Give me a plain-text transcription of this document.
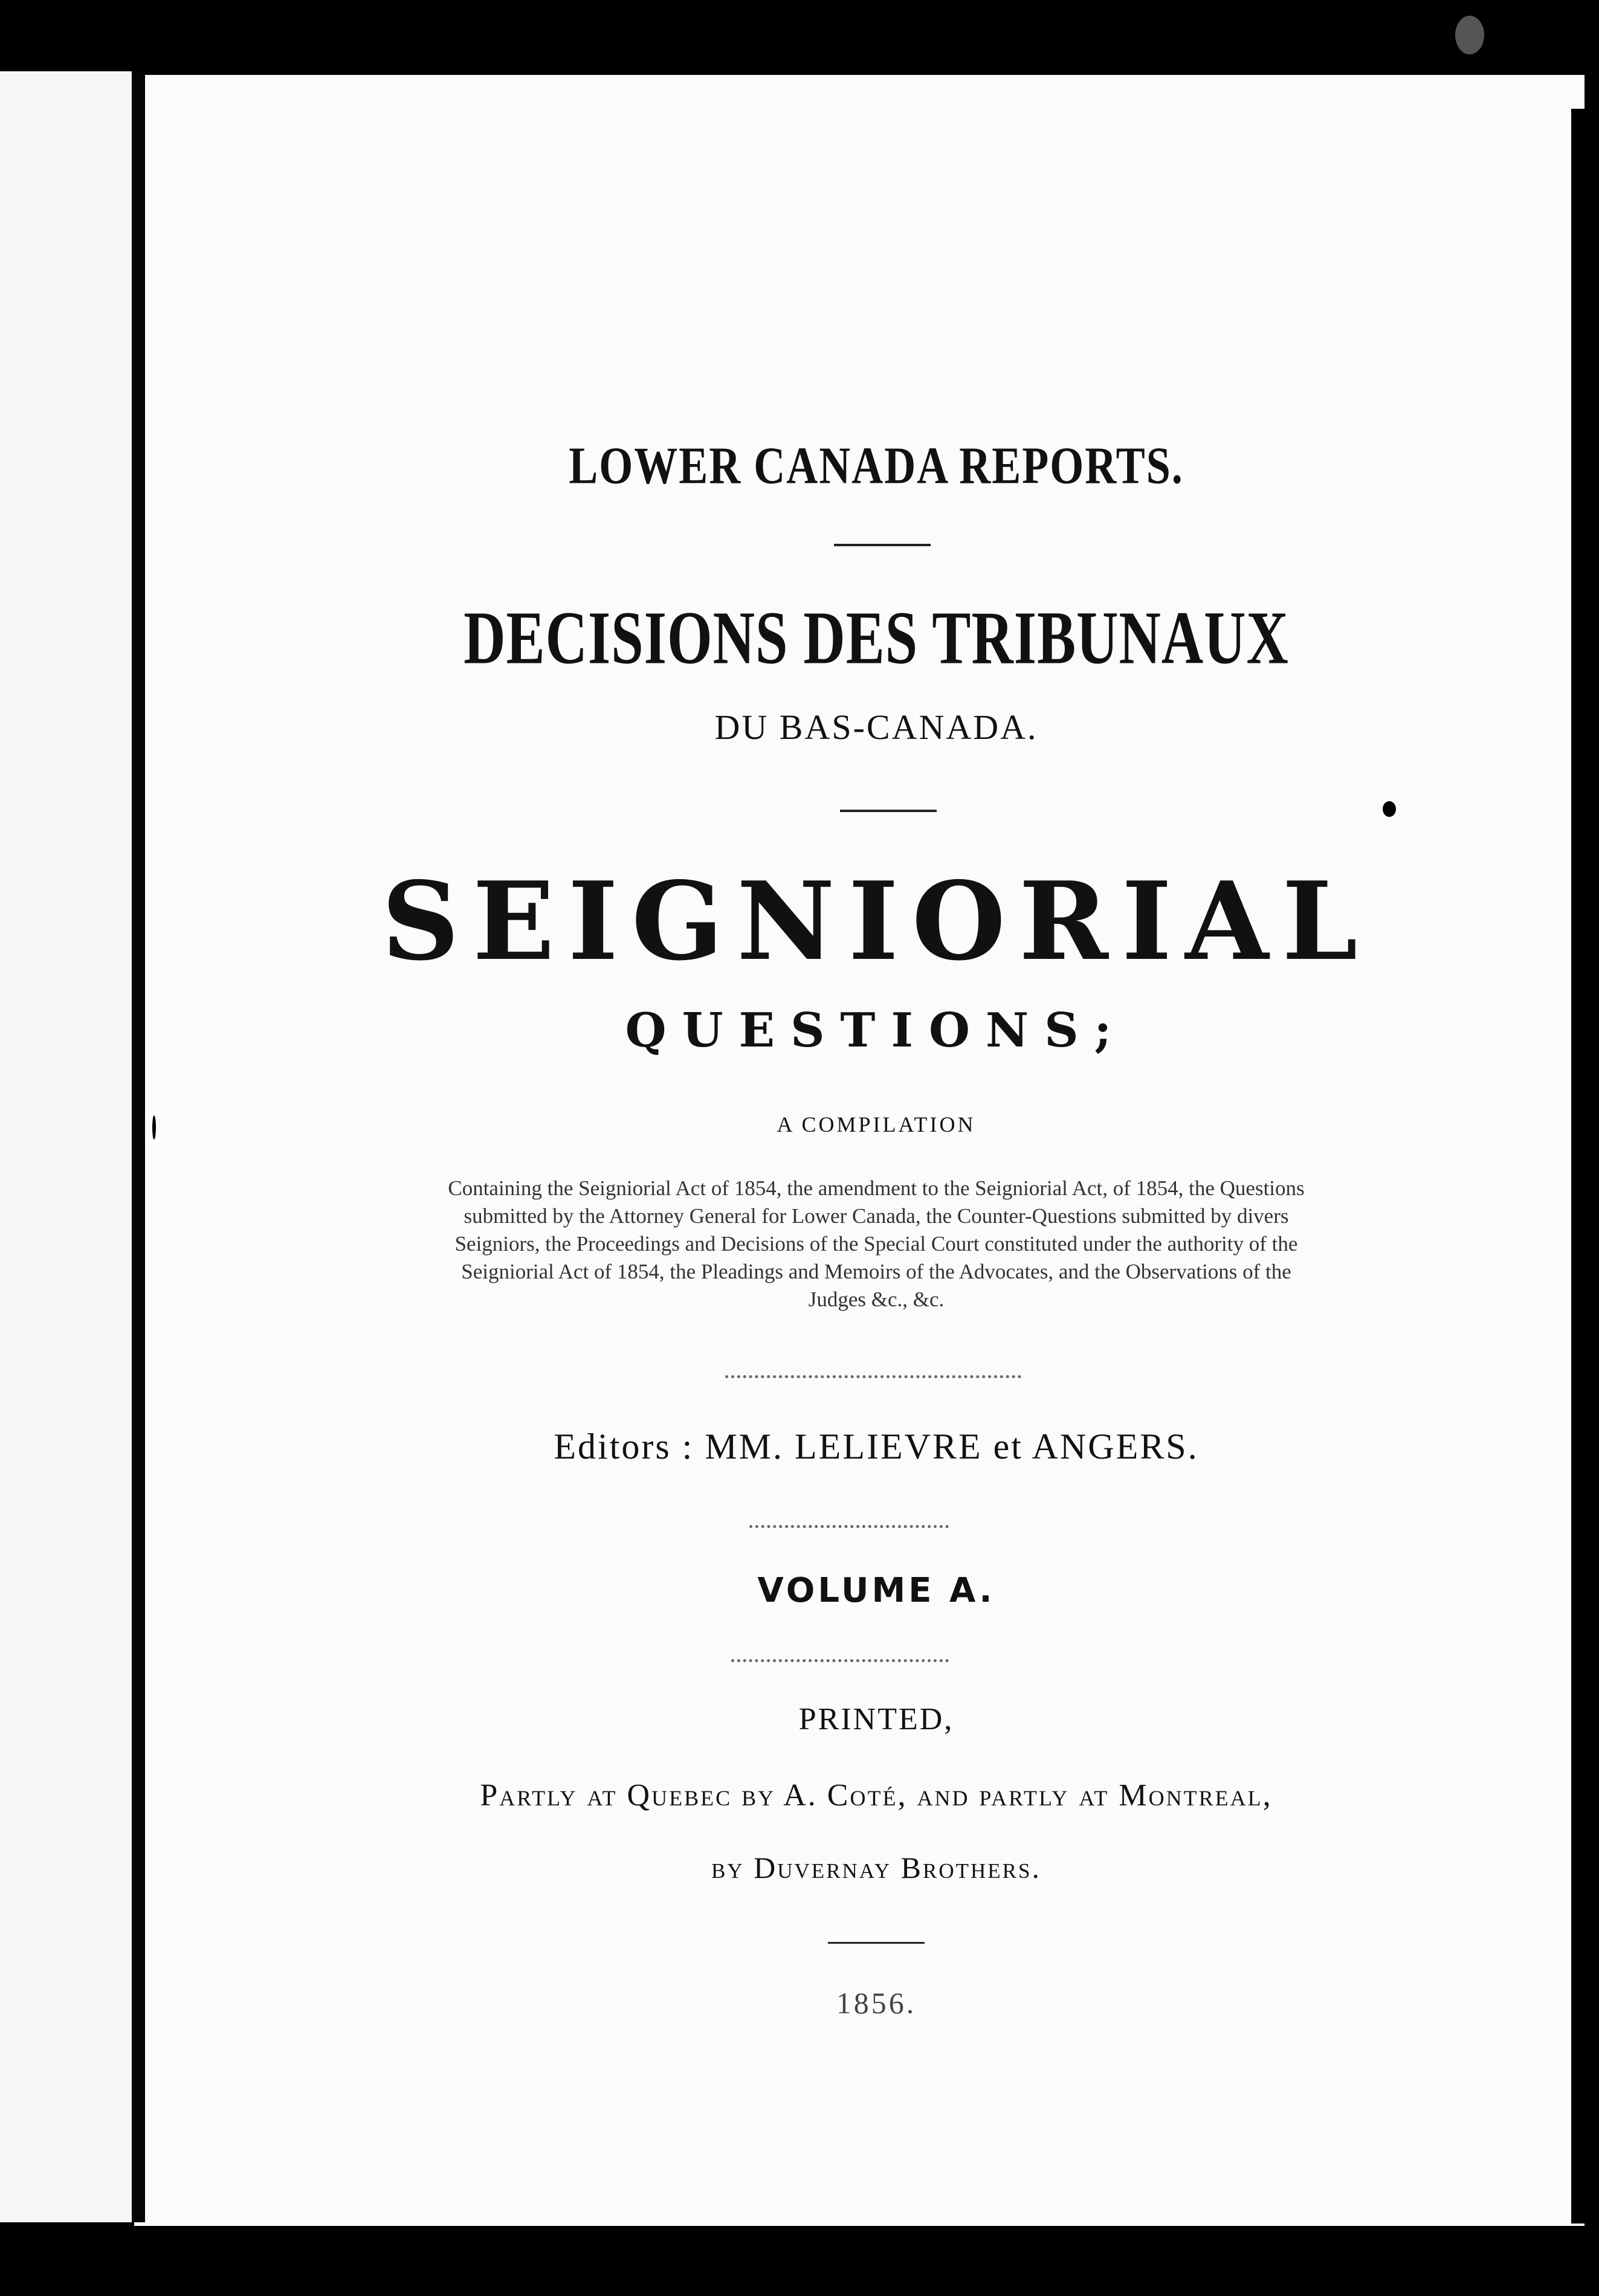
LOWER CANADA REPORTS.

DECISIONS DES TRIBUNAUX

DU BAS-CANADA.

SEIGNIORIAL

QUESTIONS;

A COMPILATION

Containing the Seigniorial Act of 1854, the amendment to the Seigniorial Act, of 1854, the Questions submitted by the Attorney General for Lower Canada, the Counter-Questions submitted by divers Seigniors, the Proceedings and Decisions of the Special Court constituted under the authority of the Seigniorial Act of 1854, the Pleadings and Memoirs of the Advocates, and the Observations of the Judges &c., &c.

Editors : MM. LELIEVRE et ANGERS.

VOLUME A.

PRINTED,

Partly at Quebec by A. Coté, and partly at Montreal,

by Duvernay Brothers.

1856.
